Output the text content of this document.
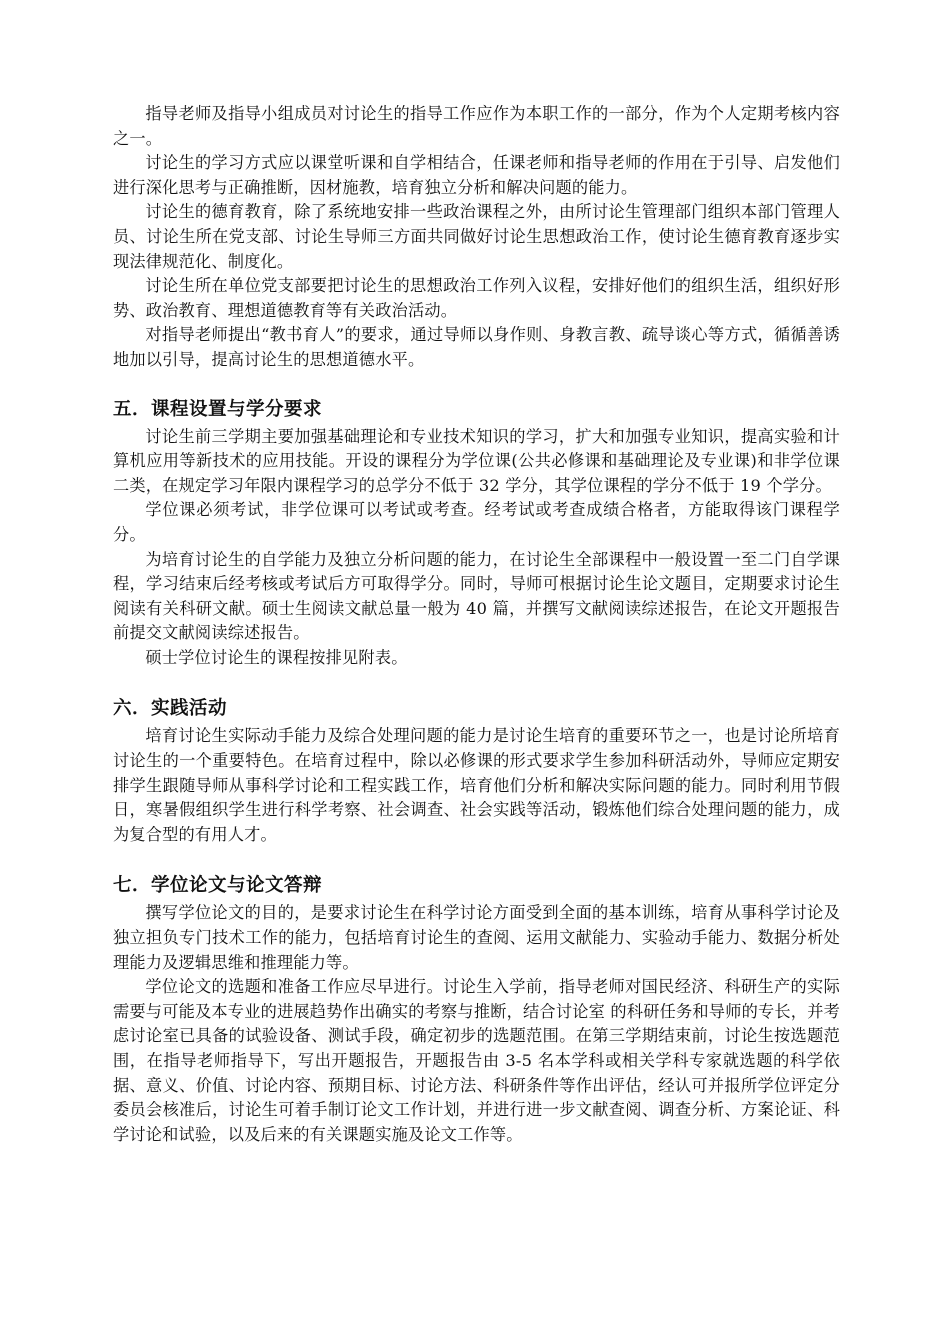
指导老师及指导小组成员对讨论生的指导工作应作为本职工作的一部分，作为个人定期考核内容之一。

讨论生的学习方式应以课堂听课和自学相结合，任课老师和指导老师的作用在于引导、启发他们进行深化思考与正确推断，因材施教，培育独立分析和解决问题的能力。

讨论生的德育教育，除了系统地安排一些政治课程之外，由所讨论生管理部门组织本部门管理人员、讨论生所在党支部、讨论生导师三方面共同做好讨论生思想政治工作，使讨论生德育教育逐步实现法律规范化、制度化。

讨论生所在单位党支部要把讨论生的思想政治工作列入议程，安排好他们的组织生活，组织好形势、政治教育、理想道德教育等有关政治活动。

对指导老师提出“教书育人”的要求，通过导师以身作则、身教言教、疏导谈心等方式，循循善诱地加以引导，提高讨论生的思想道德水平。

五．课程设置与学分要求

讨论生前三学期主要加强基础理论和专业技术知识的学习，扩大和加强专业知识，提高实验和计算机应用等新技术的应用技能。开设的课程分为学位课(公共必修课和基础理论及专业课)和非学位课二类，在规定学习年限内课程学习的总学分不低于 32 学分，其学位课程的学分不低于 19 个学分。

学位课必须考试，非学位课可以考试或考查。经考试或考查成绩合格者，方能取得该门课程学分。

为培育讨论生的自学能力及独立分析问题的能力，在讨论生全部课程中一般设置一至二门自学课程，学习结束后经考核或考试后方可取得学分。同时，导师可根据讨论生论文题目，定期要求讨论生阅读有关科研文献。硕士生阅读文献总量一般为 40 篇，并撰写文献阅读综述报告，在论文开题报告前提交文献阅读综述报告。

硕士学位讨论生的课程按排见附表。

六．实践活动

培育讨论生实际动手能力及综合处理问题的能力是讨论生培育的重要环节之一，也是讨论所培育讨论生的一个重要特色。在培育过程中，除以必修课的形式要求学生参加科研活动外，导师应定期安排学生跟随导师从事科学讨论和工程实践工作，培育他们分析和解决实际问题的能力。同时利用节假日，寒暑假组织学生进行科学考察、社会调查、社会实践等活动，锻炼他们综合处理问题的能力，成为复合型的有用人才。

七．学位论文与论文答辩

撰写学位论文的目的，是要求讨论生在科学讨论方面受到全面的基本训练，培育从事科学讨论及独立担负专门技术工作的能力，包括培育讨论生的查阅、运用文献能力、实验动手能力、数据分析处理能力及逻辑思维和推理能力等。

学位论文的选题和准备工作应尽早进行。讨论生入学前，指导老师对国民经济、科研生产的实际需要与可能及本专业的进展趋势作出确实的考察与推断，结合讨论室 的科研任务和导师的专长，并考虑讨论室已具备的试验设备、测试手段，确定初步的选题范围。在第三学期结束前，讨论生按选题范围，在指导老师指导下，写出开题报告，开题报告由 3-5 名本学科或相关学科专家就选题的科学依据、意义、价值、讨论内容、预期目标、讨论方法、科研条件等作出评估，经认可并报所学位评定分委员会核准后，讨论生可着手制订论文工作计划，并进行进一步文献查阅、调查分析、方案论证、科学讨论和试验，以及后来的有关课题实施及论文工作等。
